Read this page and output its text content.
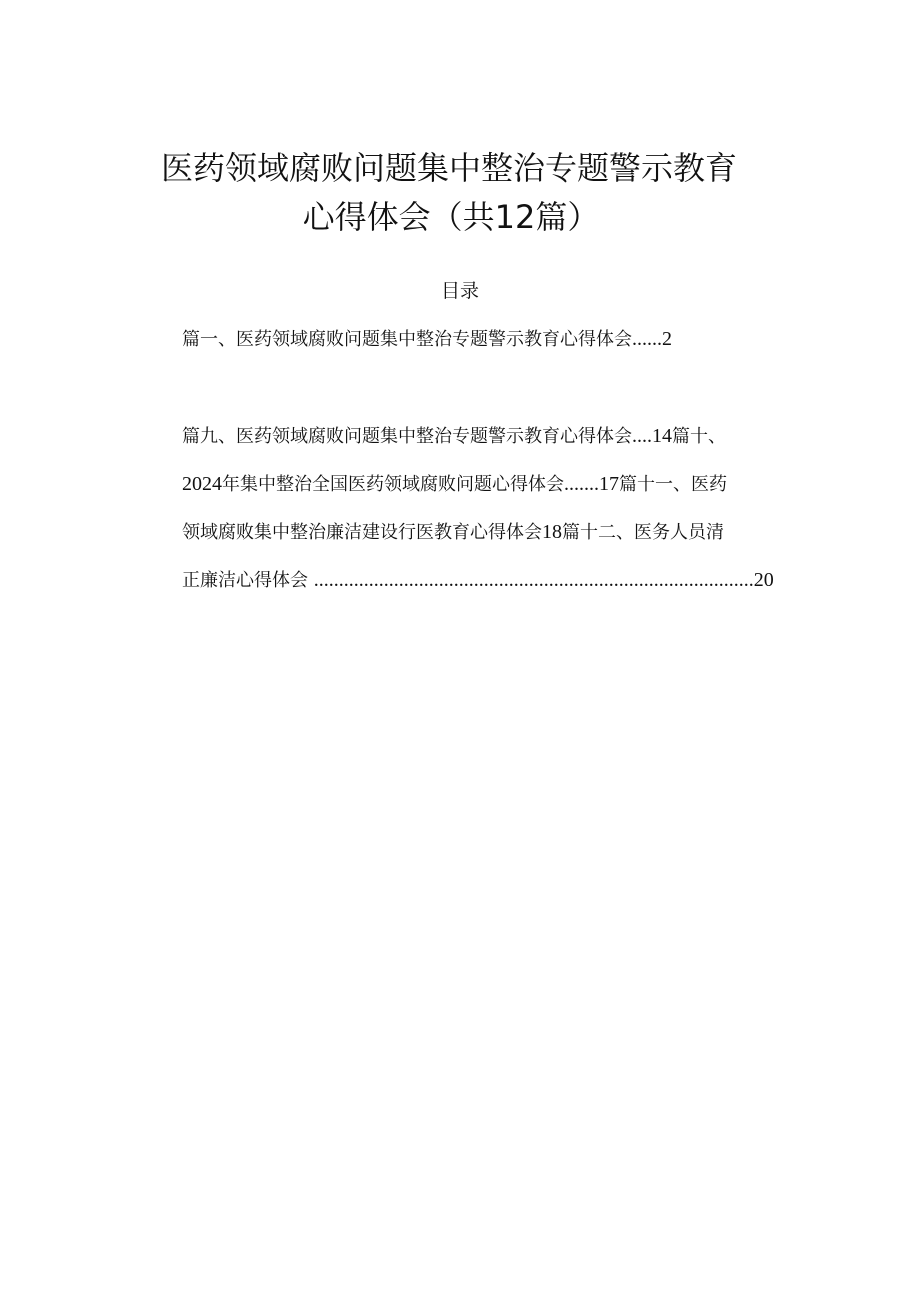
医药领域腐败问题集中整治专题警示教育
心得体会（共12篇）
目录
篇一、医药领域腐败问题集中整治专题警示教育心得体会......2
篇九、医药领域腐败问题集中整治专题警示教育心得体会....14篇十、
2024年集中整治全国医药领域腐败问题心得体会.......17篇十一、医药
领域腐败集中整治廉洁建设行医教育心得体会18篇十二、医务人员清
正廉洁心得体会 ........................................................................................20
